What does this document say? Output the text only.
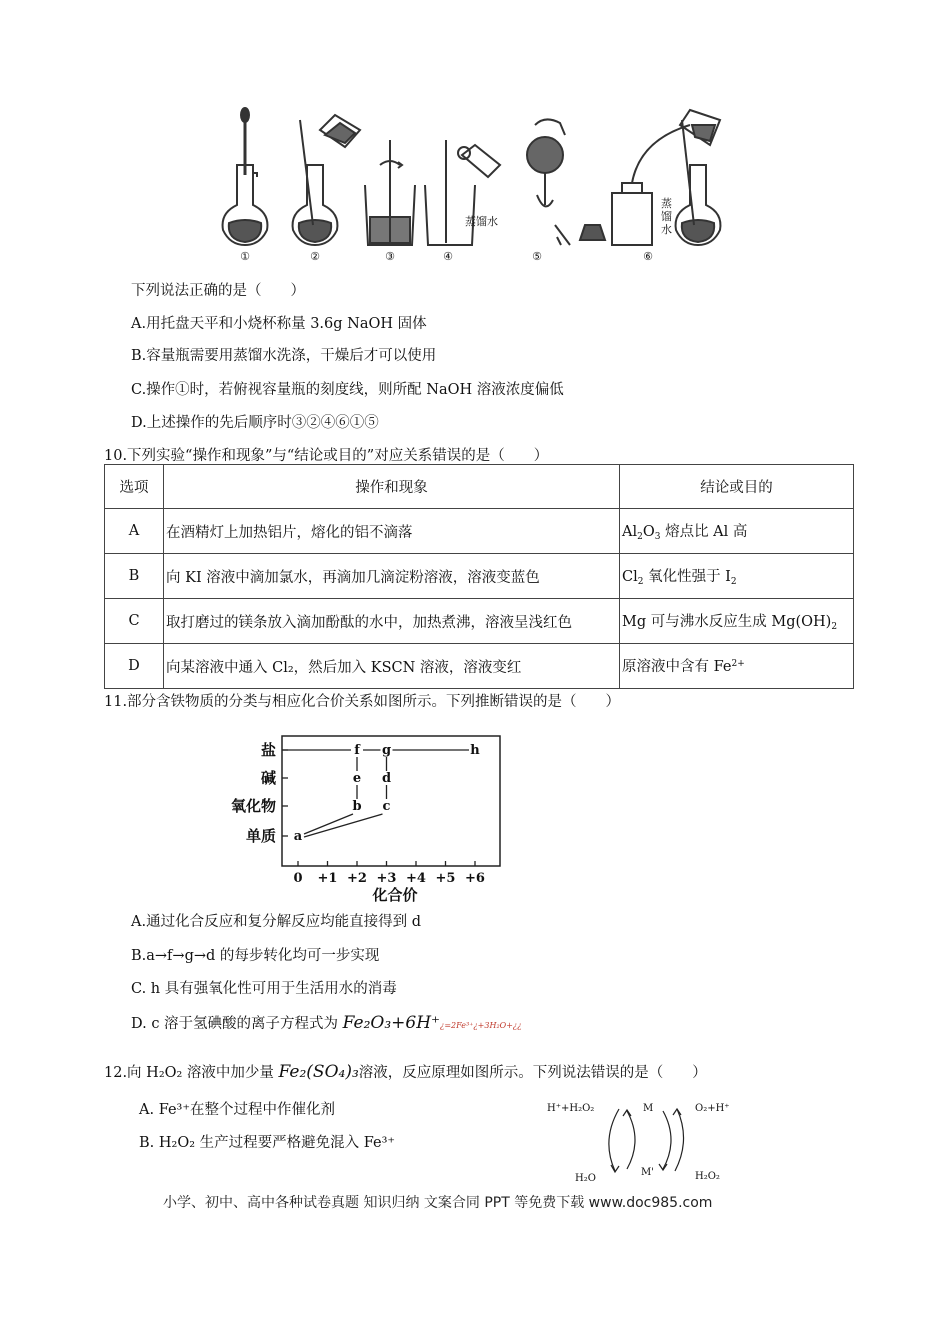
蒸馏水
蒸
馏
水
①	②	③	④	⑤	⑥
下列说法正确的是（　　）
A.用托盘天平和小烧杯称量 3.6g NaOH 固体
B.容量瓶需要用蒸馏水洗涤，干燥后才可以使用
C.操作①时，若俯视容量瓶的刻度线，则所配 NaOH 溶液浓度偏低
D.上述操作的先后顺序时③②④⑥①⑤
10.下列实验“操作和现象”与“结论或目的”对应关系错误的是（　　）
选项	操作和现象	结论或目的
A	在酒精灯上加热铝片，熔化的铝不滴落	$Al_2O_3$ 熔点比 Al 高
B	向 KI 溶液中滴加氯水，再滴加几滴淀粉溶液，溶液变蓝色	$Cl_2$ 氧化性强于 $I_2$
C	取打磨过的镁条放入滴加酚酞的水中，加热煮沸，溶液呈浅红色	Mg 可与沸水反应生成 $Mg(OH)_2$
D	向某溶液中通入 Cl₂，然后加入 KSCN 溶液，溶液变红	原溶液中含有 $Fe^{2+}$
11.部分含铁物质的分类与相应化合价关系如图所示。下列推断错误的是（　　）
单质
氧化物
碱
盐
0 +1 +2 +3 +4 +5 +6
a
b c
e d
f g	h
化合价
A.通过化合反应和复分解反应均能直接得到 d
B.a→f→g→d 的每步转化均可一步实现
C. h 具有强氧化性可用于生活用水的消毒
D. c 溶于氢碘酸的离子方程式为 Fe₂O₃+6H⁺¿=2Fe³⁺¿+3H₂O+¿¿
12.向 H₂O₂ 溶液中加少量 Fe₂(SO₄)₃溶液，反应原理如图所示。下列说法错误的是（　　）
A. Fe³⁺在整个过程中作催化剂
B. H₂O₂ 生产过程要严格避免混入 Fe³⁺
H⁺+H₂O₂	M	O₂+H⁺
H₂O
M'	H₂O₂
小学、初中、高中各种试卷真题 知识归纳 文案合同 PPT 等免费下载 www.doc985.com
